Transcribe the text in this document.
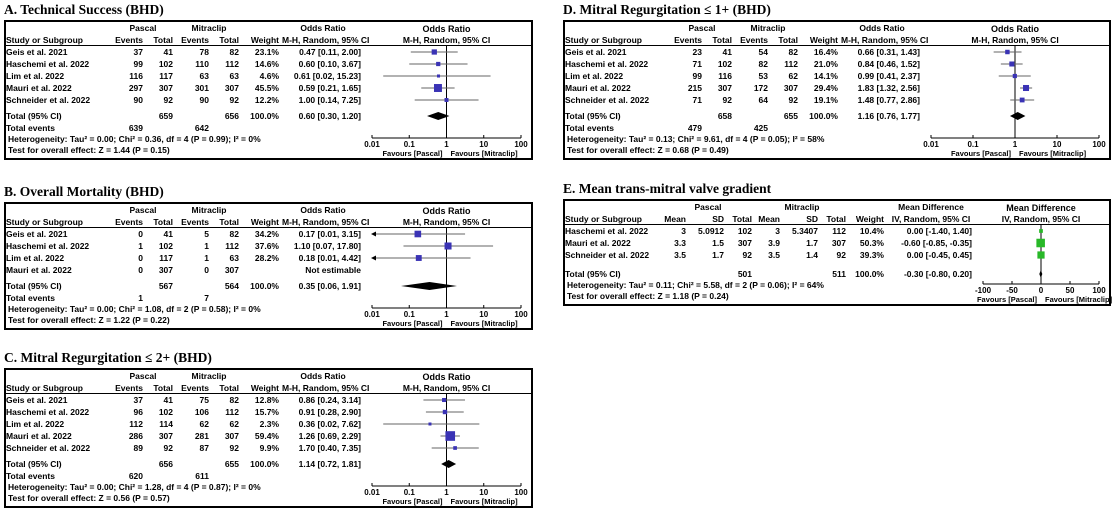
A. Technical Success (BHD)
Pascal	Mitraclip	Odds Ratio
Study or Subgroup	Events	Total Events	Total	Weight M-H, Random, 95% CI
Geis et al. 2021	37	41	78	82	23.1%	0.47 [0.11, 2.00]
Haschemi et al. 2022	99	102	110	112	14.6%	0.60 [0.10, 3.67]
Lim et al. 2022	116	117	63	63	4.6%	0.61 [0.02, 15.23]
Mauri et al. 2022	297	307	301	307	45.5%	0.59 [0.21, 1.65]
Schneider et al. 2022	90	92	90	92	12.2%	1.00 [0.14, 7.25]
Total (95% CI)	659	656	100.0%	0.60 [0.30, 1.20]
Total events	639	642
Heterogeneity: Tau² = 0.00; Chi² = 0.36, df = 4 (P = 0.99); I² = 0%
Test for overall effect: Z = 1.44 (P = 0.15)
Odds Ratio
M-H, Random, 95% CI
0.01	0.1	1	10	100
Favours [Pascal] Favours [Mitraclip]
B. Overall Mortality (BHD)
Pascal	Mitraclip	Odds Ratio
Study or Subgroup	Events	Total Events	Total	Weight M-H, Random, 95% CI
Geis et al. 2021	0	41	5	82	34.2%	0.17 [0.01, 3.15]
Haschemi et al. 2022	1	102	1	112	37.6%	1.10 [0.07, 17.80]
Lim et al. 2022	0	117	1	63	28.2%	0.18 [0.01, 4.42]
Mauri et al. 2022	0	307	0	307	Not estimable
Total (95% CI)	567	564	100.0%	0.35 [0.06, 1.91]
Total events	1	7
Heterogeneity: Tau² = 0.00; Chi² = 1.08, df = 2 (P = 0.58); I² = 0%
Test for overall effect: Z = 1.22 (P = 0.22)
Odds Ratio
M-H, Random, 95% CI
0.01	0.1	1	10	100
Favours [Pascal] Favours [Mitraclip]
C. Mitral Regurgitation ≤ 2+ (BHD)
Pascal	Mitraclip	Odds Ratio
Study or Subgroup	Events	Total Events	Total	Weight M-H, Random, 95% CI
Geis et al. 2021	37	41	75	82	12.8%	0.86 [0.24, 3.14]
Haschemi et al. 2022	96	102	106	112	15.7%	0.91 [0.28, 2.90]
Lim et al. 2022	112	114	62	62	2.3%	0.36 [0.02, 7.62]
Mauri et al. 2022	286	307	281	307	59.4%	1.26 [0.69, 2.29]
Schneider et al. 2022	89	92	87	92	9.9%	1.70 [0.40, 7.35]
Total (95% CI)	656	655	100.0%	1.14 [0.72, 1.81]
Total events	620	611
Heterogeneity: Tau² = 0.00; Chi² = 1.28, df = 4 (P = 0.87); I² = 0%
Test for overall effect: Z = 0.56 (P = 0.57)
Odds Ratio
M-H, Random, 95% CI
0.01	0.1	1	10	100
Favours [Pascal] Favours [Mitraclip]
D. Mitral Regurgitation ≤ 1+ (BHD)
Pascal	Mitraclip	Odds Ratio
Study or Subgroup	Events	Total Events	Total	Weight M-H, Random, 95% CI
Geis et al. 2021	23	41	54	82	16.4%	0.66 [0.31, 1.43]
Haschemi et al. 2022	71	102	82	112	21.0%	0.84 [0.46, 1.52]
Lim et al. 2022	99	116	53	62	14.1%	0.99 [0.41, 2.37]
Mauri et al. 2022	215	307	172	307	29.4%	1.83 [1.32, 2.56]
Schneider et al. 2022	71	92	64	92	19.1%	1.48 [0.77, 2.86]
Total (95% CI)	658	655	100.0%	1.16 [0.76, 1.77]
Total events	479	425
Heterogeneity: Tau² = 0.13; Chi² = 9.61, df = 4 (P = 0.05); I² = 58%
Test for overall effect: Z = 0.68 (P = 0.49)
Odds Ratio
M-H, Random, 95% CI
0.01	0.1	1	10	100
Favours [Pascal] Favours [Mitraclip]
E. Mean trans-mitral valve gradient
Pascal	Mitraclip	Mean Difference
Study or Subgroup	Mean	SD Total Mean	SD Total	Weight IV, Random, 95% CI
Haschemi et al. 2022	3	5.0912	102	3	5.3407	112	10.4%	0.00 [-1.40, 1.40]
Mauri et al. 2022	3.3	1.5	307	3.9	1.7	307	50.3%	-0.60 [-0.85, -0.35]
Schneider et al. 2022	3.5	1.7	92	3.5	1.4	92	39.3%	0.00 [-0.45, 0.45]
Total (95% CI)	501	511	100.0%	-0.30 [-0.80, 0.20]
Heterogeneity: Tau² = 0.11; Chi² = 5.58, df = 2 (P = 0.06); I² = 64%
Test for overall effect: Z = 1.18 (P = 0.24)
Mean Difference
IV, Random, 95% CI
-100 -50	0	50 100
Favours [Pascal] Favours [Mitraclip]
